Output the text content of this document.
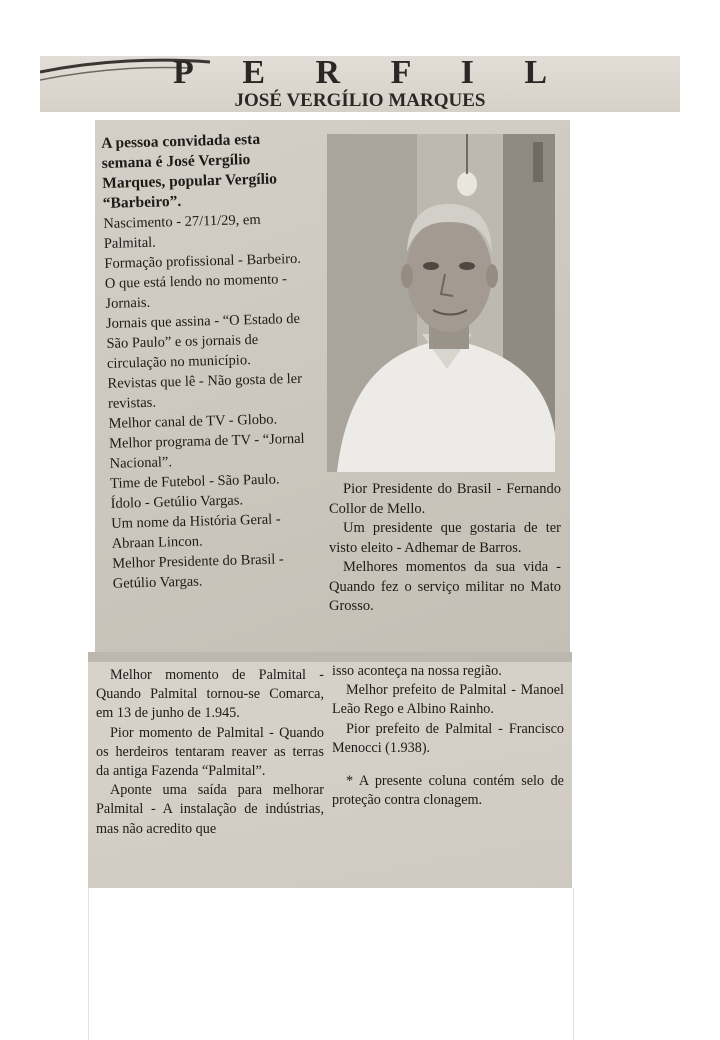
P E R F I L
JOSÉ VERGÍLIO MARQUES

A pessoa convidada esta semana é José Vergílio Marques, popular Vergílio “Barbeiro”.

Nascimento - 27/11/29, em Palmital.

Formação profissional - Barbeiro.

O que está lendo no momento - Jornais.

Jornais que assina - “O Estado de São Paulo” e os jornais de circulação no município.

Revistas que lê - Não gosta de ler revistas.

Melhor canal de TV - Globo.

Melhor programa de TV - “Jornal Nacional”.

Time de Futebol - São Paulo.

Ídolo - Getúlio Vargas.

Um nome da História Geral - Abraan Lincon.

Melhor Presidente do Brasil - Getúlio Vargas.

Pior Presidente do Brasil - Fernando Collor de Mello.

Um presidente que gostaria de ter visto eleito - Adhemar de Barros.

Melhores momentos da sua vida - Quando fez o serviço militar no Mato Grosso.

Melhor momento de Palmital - Quando Palmital tornou-se Comarca, em 13 de junho de 1.945.

Pior momento de Palmital - Quando os herdeiros tentaram reaver as terras da antiga Fazenda “Palmital”.

Aponte uma saída para melhorar Palmital - A instalação de indústrias, mas não acredito que

isso aconteça na nossa região.

Melhor prefeito de Palmital - Manoel Leão Rego e Albino Rainho.

Pior prefeito de Palmital - Francisco Menocci (1.938).

* A presente coluna contém selo de proteção contra clonagem.
